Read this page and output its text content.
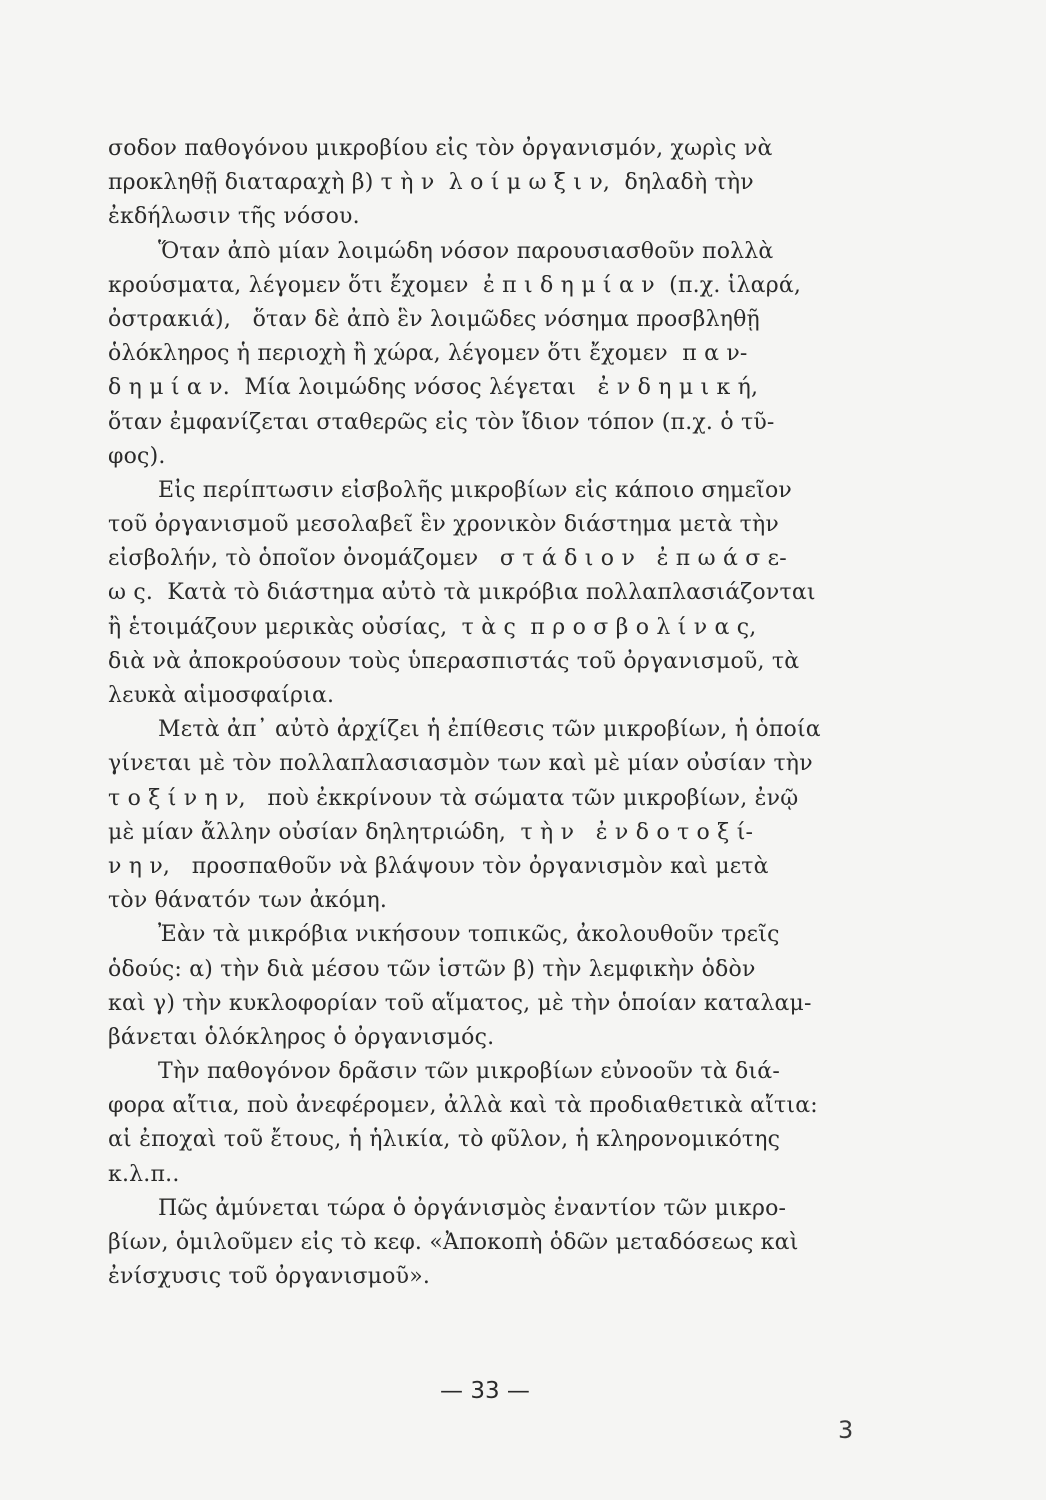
σοδον παθογόνου μικροβίου εἰς τὸν ὀργανισμόν, χωρὶς νὰ
προκληθῇ διαταραχὴ β) τ ὴ ν  λ ο ί μ ω ξ ι ν,  δηλαδὴ τὴν
ἐκδήλωσιν τῆς νόσου.
Ὅταν ἀπὸ μίαν λοιμώδη νόσον παρουσιασθοῦν πολλὰ
κρούσματα, λέγομεν ὅτι ἔχομεν  ἐ π ι δ η μ ί α ν  (π.χ. ἱλαρά,
ὀστρακιά),   ὅταν δὲ ἀπὸ ἓν λοιμῶδες νόσημα προσβληθῇ
ὁλόκληρος ἡ περιοχὴ ἢ χώρα, λέγομεν ὅτι ἔχομεν  π α ν-
δ η μ ί α ν.  Μία λοιμώδης νόσος λέγεται   ἐ ν δ η μ ι κ ή,
ὅταν ἐμφανίζεται σταθερῶς εἰς τὸν ἴδιον τόπον (π.χ. ὁ τῦ-
φος).
Εἰς περίπτωσιν εἰσβολῆς μικροβίων εἰς κάποιο σημεῖον
τοῦ ὀργανισμοῦ μεσολαβεῖ ἓν χρονικὸν διάστημα μετὰ τὴν
εἰσβολήν, τὸ ὁποῖον ὀνομάζομεν   σ τ ά δ ι ο ν   ἐ π ω ά σ ε-
ω ς.  Κατὰ τὸ διάστημα αὐτὸ τὰ μικρόβια πολλαπλασιάζονται
ἢ ἑτοιμάζουν μερικὰς οὐσίας,  τ ὰ ς  π ρ ο σ β ο λ ί ν α ς,
διὰ νὰ ἀποκρούσουν τοὺς ὑπερασπιστάς τοῦ ὀργανισμοῦ, τὰ
λευκὰ αἱμοσφαίρια.
Μετὰ ἀπ᾽ αὐτὸ ἀρχίζει ἡ ἐπίθεσις τῶν μικροβίων, ἡ ὁποία
γίνεται μὲ τὸν πολλαπλασιασμὸν των καὶ μὲ μίαν οὐσίαν τὴν
τ ο ξ ί ν η ν,   ποὺ ἐκκρίνουν τὰ σώματα τῶν μικροβίων, ἐνῷ
μὲ μίαν ἄλλην οὐσίαν δηλητριώδη,  τ ὴ ν   ἐ ν δ ο τ ο ξ ί-
ν η ν,   προσπαθοῦν νὰ βλάψουν τὸν ὀργανισμὸν καὶ μετὰ
τὸν θάνατόν των ἀκόμη.
Ἐὰν τὰ μικρόβια νικήσουν τοπικῶς, ἀκολουθοῦν τρεῖς
ὁδούς: α) τὴν διὰ μέσου τῶν ἱστῶν β) τὴν λεμφικὴν ὁδὸν
καὶ γ) τὴν κυκλοφορίαν τοῦ αἵματος, μὲ τὴν ὁποίαν καταλαμ-
βάνεται ὁλόκληρος ὁ ὀργανισμός.
Τὴν παθογόνον δρᾶσιν τῶν μικροβίων εὐνοοῦν τὰ διά-
φορα αἴτια, ποὺ ἀνεφέρομεν, ἀλλὰ καὶ τὰ προδιαθετικὰ αἴτια:
αἱ ἐποχαὶ τοῦ ἔτους, ἡ ἡλικία, τὸ φῦλον, ἡ κληρονομικότης
κ.λ.π..
Πῶς ἀμύνεται τώρα ὁ ὀργάνισμὸς ἐναντίον τῶν μικρο-
βίων, ὁμιλοῦμεν εἰς τὸ κεφ. «Ἀποκοπὴ ὁδῶν μεταδόσεως καὶ
ἐνίσχυσις τοῦ ὀργανισμοῦ».
— 33 —
3
